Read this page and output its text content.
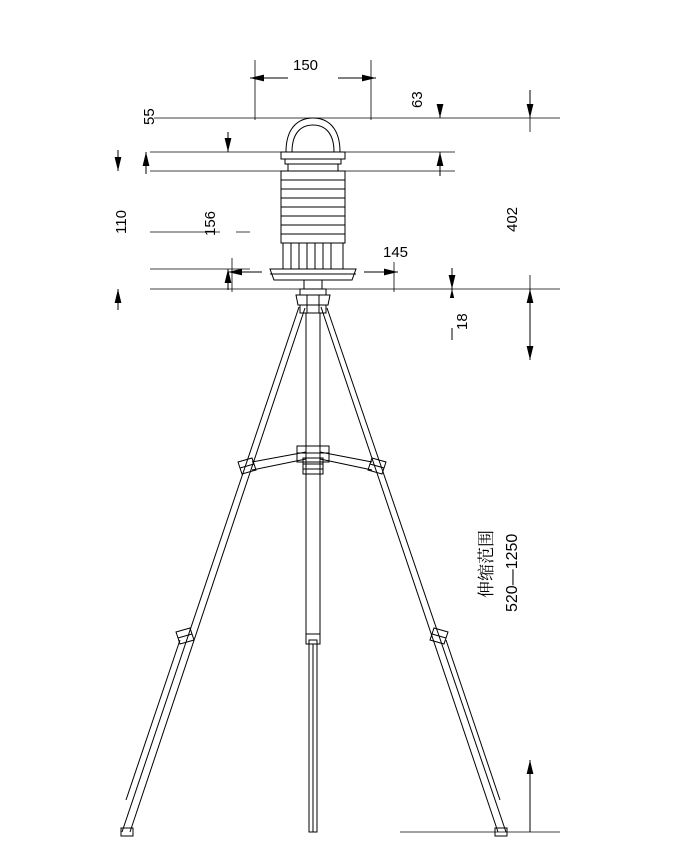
150
63
55
156
110
145
18
402
520—1250
伸缩范围
